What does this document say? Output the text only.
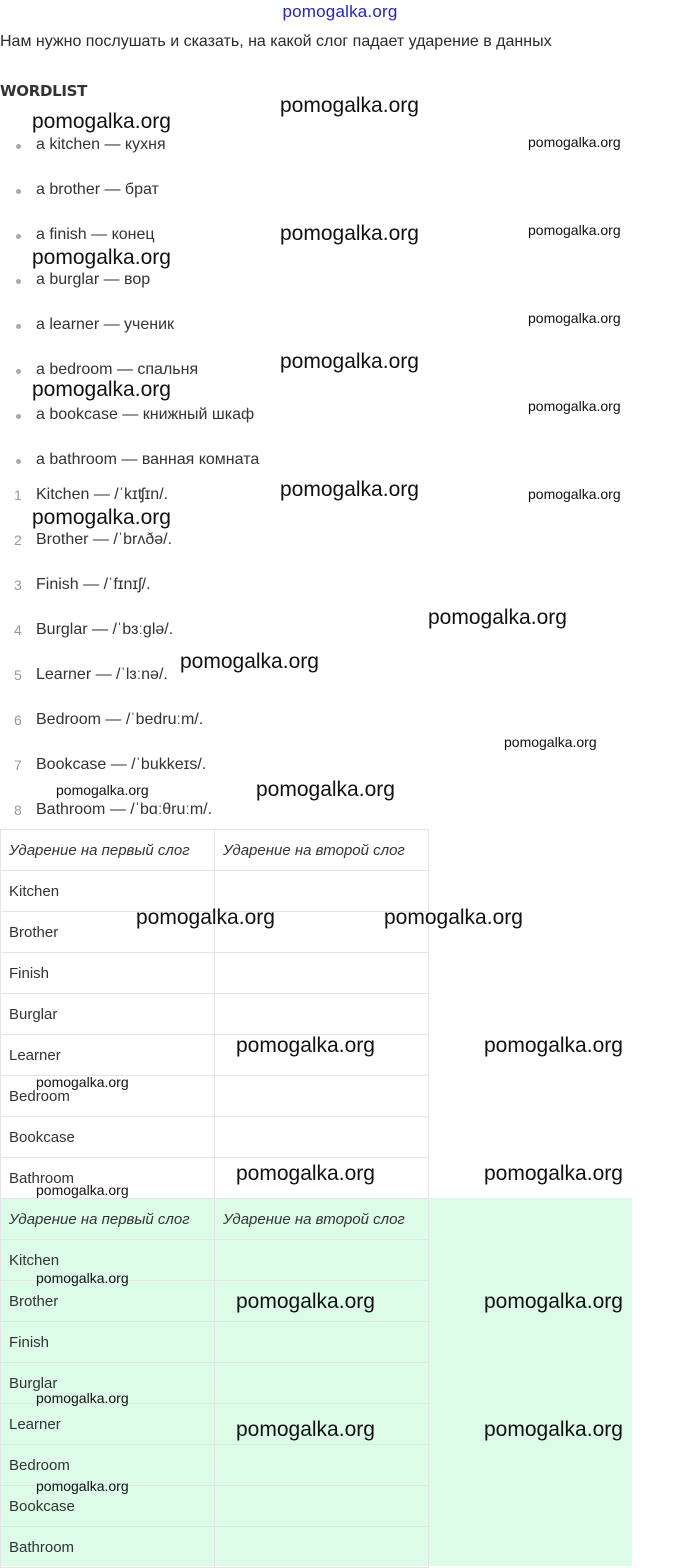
pomogalka.org
Нам нужно послушать и сказать, на какой слог падает ударение в данных
WORDLIST
a kitchen — кухня
a brother — брат
a finish — конец
a burglar — вор
a learner — ученик
a bedroom — спальня
a bookcase — книжный шкаф
a bathroom — ванная комната
1 Kitchen — /ˈkɪʧɪn/.
2 Brother — /ˈbrʌðə/.
3 Finish — /ˈfɪnɪʃ/.
4 Burglar — /ˈbɜːglə/.
5 Learner — /ˈlɜːnə/.
6 Bedroom — /ˈbedruːm/.
7 Bookcase — /ˈbukkeɪs/.
8 Bathroom — /ˈbɑːθruːm/.
Ударение на первый слог	Ударение на второй слог
Kitchen	
Brother	
Finish	
Burglar	
Learner	
Bedroom	
Bookcase	
Bathroom	
Ударение на первый слог	Ударение на второй слог
Kitchen	
Brother	
Finish	
Burglar	
Learner	
Bedroom	
Bookcase	
Bathroom	
pomogalka.org
pomogalka.org
pomogalka.org
pomogalka.org	pomogalka.org
pomogalka.org
pomogalka.org
pomogalka.org
pomogalka.org
pomogalka.org
pomogalka.org	pomogalka.org
pomogalka.org
pomogalka.org
pomogalka.org
pomogalka.org
pomogalka.org
pomogalka.org
pomogalka.org	pomogalka.org
pomogalka.org	pomogalka.org
pomogalka.org
pomogalka.org	pomogalka.org
pomogalka.org
pomogalka.org
pomogalka.org	pomogalka.org
pomogalka.org
pomogalka.org	pomogalka.org
pomogalka.org
